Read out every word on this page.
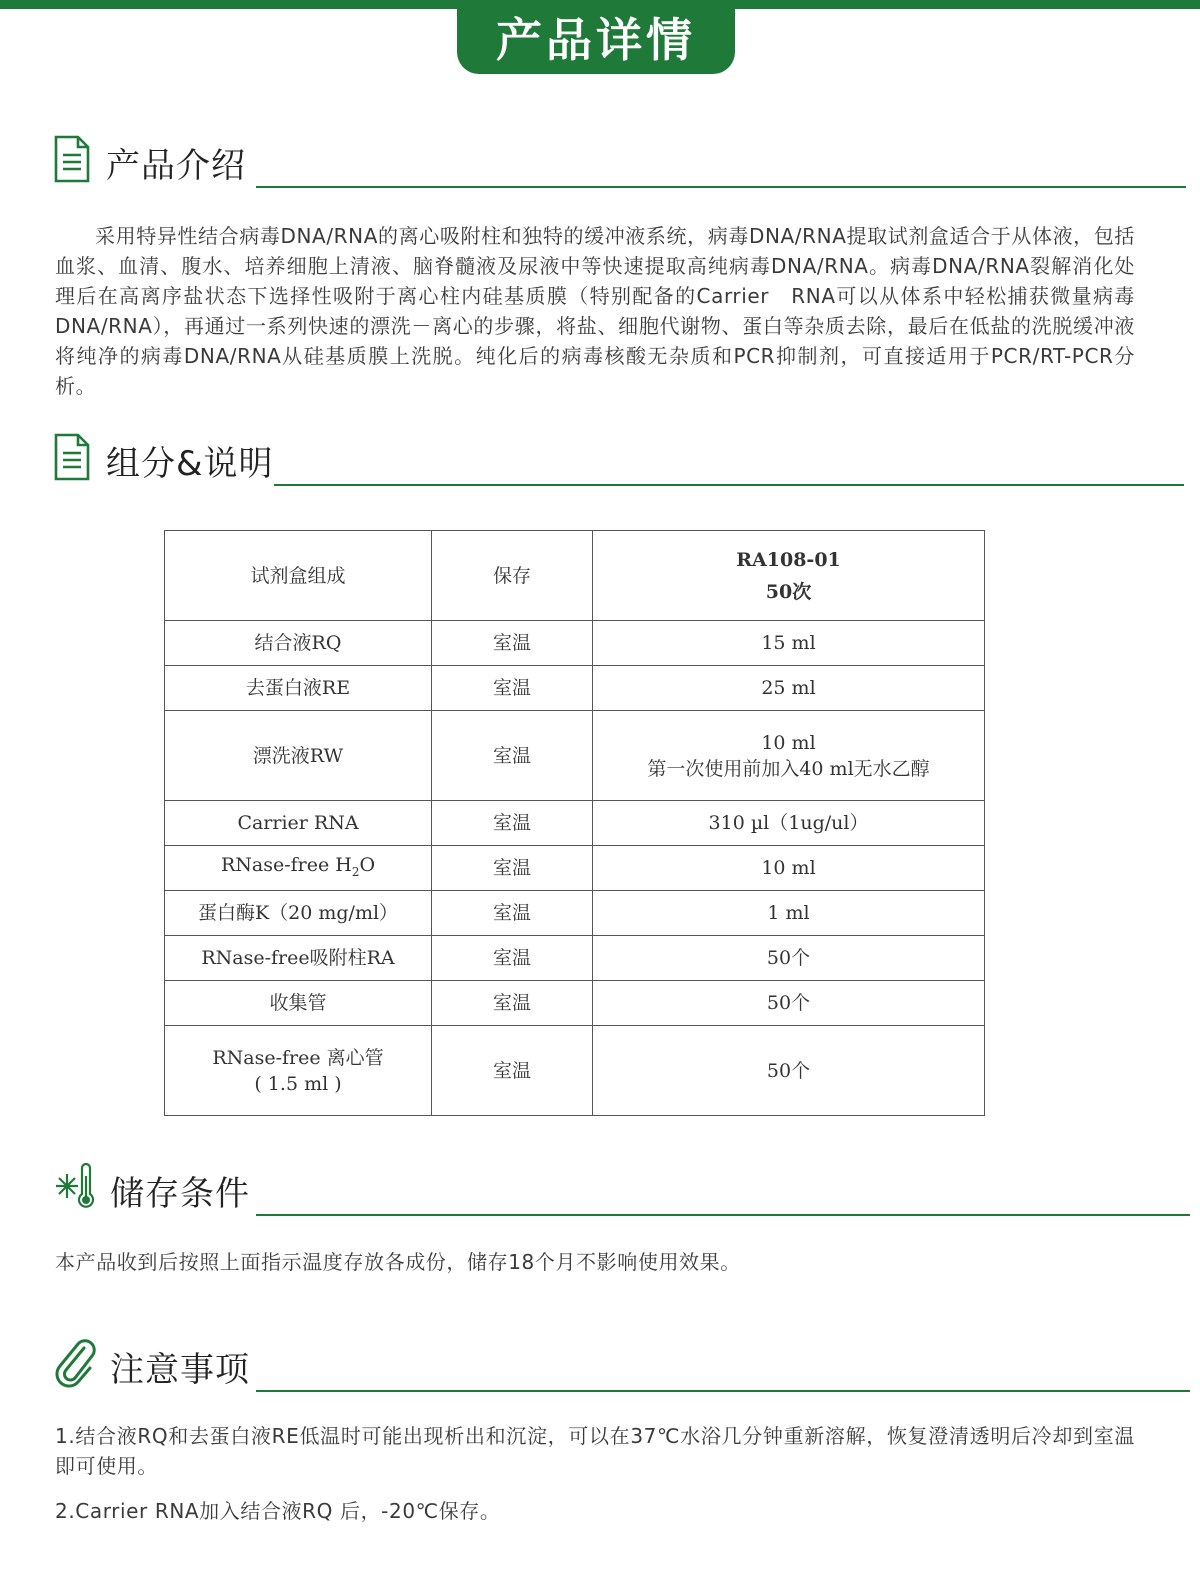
产品详情
产品介绍

采用特异性结合病毒DNA/RNA的离心吸附柱和独特的缓冲液系统，病毒DNA/RNA提取试剂盒适合于从体液，包括血浆、血清、腹水、培养细胞上清液、脑脊髓液及尿液中等快速提取高纯病毒DNA/RNA。病毒DNA/RNA裂解消化处理后在高离序盐状态下选择性吸附于离心柱内硅基质膜（特别配备的Carrier　RNA可以从体系中轻松捕获微量病毒DNA/RNA），再通过一系列快速的漂洗－离心的步骤，将盐、细胞代谢物、蛋白等杂质去除，最后在低盐的洗脱缓冲液将纯净的病毒DNA/RNA从硅基质膜上洗脱。纯化后的病毒核酸无杂质和PCR抑制剂，可直接适用于PCR/RT-PCR分析。

组分&说明
试剂盒组成	保存	RA108-01
50次

结合液RQ	室温	15 ml
去蛋白液RE	室温	25 ml
漂洗液RW	室温	10 ml
第一次使用前加入40 ml无水乙醇

Carrier RNA	室温	310 µl（1ug/ul）
RNase-free $H_2O$	室温	10 ml
蛋白酶K（20 mg/ml）	室温	1 ml
RNase-free吸附柱RA	室温	50个
收集管	室温	50个

RNase-free 离心管
( 1.5 ml )	室温	50个
储存条件

本产品收到后按照上面指示温度存放各成份，储存18个月不影响使用效果。

注意事项

1.结合液RQ和去蛋白液RE低温时可能出现析出和沉淀，可以在37℃水浴几分钟重新溶解，恢复澄清透明后冷却到室温即可使用。

2.Carrier RNA加入结合液RQ 后，-20℃保存。
